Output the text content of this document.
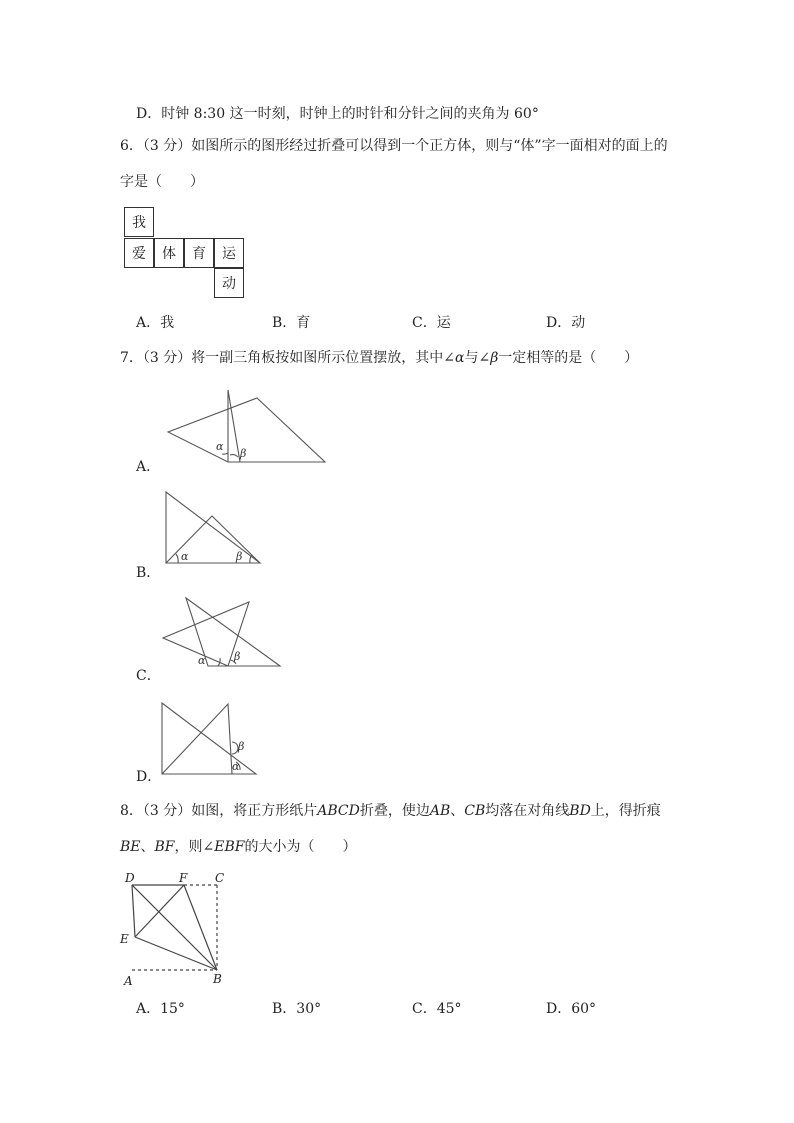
D．时钟 8:30 这一时刻，时钟上的时针和分针之间的夹角为 60°
6．（3 分）如图所示的图形经过折叠可以得到一个正方体，则与“体”字一面相对的面上的
字是（　　）
我
爱	体	育	运
动
A．我	B．育	C．运	D．动
7．（3 分）将一副三角板按如图所示位置摆放，其中∠α与∠β一定相等的是（　　）
α
β
A．
α	β
B．
α	β
C．
β
α
D．
8．（3 分）如图，将正方形纸片ABCD折叠，使边AB、CB均落在对角线BD上，得折痕
BE、BF，则∠EBF的大小为（　　）
D	F C
E
A	B
A．15°	B．30°	C．45°	D．60°
